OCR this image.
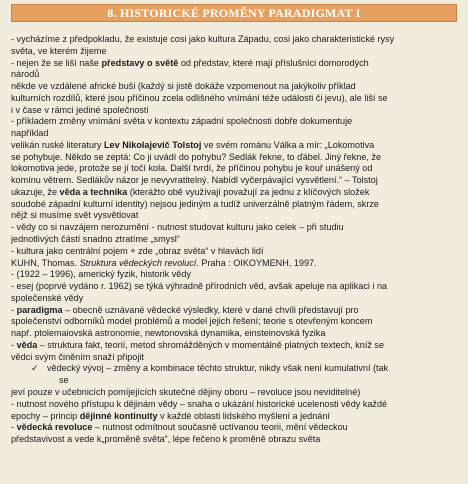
8. HISTORICKÉ PROMĚNY PARADIGMAT I
- vycházíme z předpokladu, že existuje cosi jako kultura Západu, cosi jako charakteristické rysy
světa, ve kterém žijeme
- nejen že se liší naše představy o světě od představ, které mají příslušníci domorodých
národů
někde ve vzdálené africké buši (každý si jistě dokáže vzpomenout na jakýkoliv příklad
kulturních rozdílů, které jsou příčinou zcela odlišného vnímání téže události či jevu), ale liší se
i v čase v rámci jediné společnosti
- příkladem změny vnímání světa v kontextu západní společnosti dobře dokumentuje
například
velikán ruské literatury Lev Nikolajevič Tolstoj ve svém románu Válka a mír: „Lokomotiva
se pohybuje. Někdo se zeptá: Co ji uvádí do pohybu? Sedlák řekne, to ďábel. Jiný řekne, že
lokomotiva jede, protože se jí točí kola. Další tvrdí, že příčinou pohybu je kouř unášený od
komínu větrem. Sedlákův názor je nevyvratitelný. Nabídl vyčerpávající vysvětlení.“ – Tolstoj
ukazuje, že věda a technika (kterážto obě využívají považují za jednu z klíčových složek
soudobé západní kulturní identity) nejsou jediným a tudíž univerzálně platným řádem, skrze
nějž si musíme svět vysvětlovat
- vědy co si navzájem nerozumění - nutnost studovat kulturu jako celek – při studiu
jednotlivých částí snadno ztratíme „smysl“
- kultura jako centrální pojem + zde „obraz světa“ v hlavách lidí
KUHN, Thomas. Struktura vědeckých revolucí. Praha : OIKOYMENH, 1997.
- (1922 – 1996), americký fyzik, historik vědy
- esej (poprvé vydáno r. 1962) se týká výhradně přírodních věd, avšak apeluje na aplikaci i na
společenské vědy
- paradigma – obecně uznávané vědecké výsledky, které v dané chvíli představují pro
společenství odborníků model problémů a model jejich řešení; teorie s otevřeným koncem
např. ptolemaiovská astronomie, newtonovská dynamika, einsteinovská fyzika
- věda – struktura fakt, teorií, metod shromážděných v momentálně platných textech, kníž se
vědci svým činěním snaží připojit
✓ vědecký vývoj – změny a kombinace těchto struktur, nikdy však není kumulativní (tak
se
jeví pouze v učebnicích pomíjejících skutečné dějiny oboru – revoluce jsou neviditelné)
- nutnost nového přístupu k dějinám vědy – snaha o ukázání historické ucelenosti vědy každé
epochy – princip dějinné kontinuity v každé oblasti lidského myšlení a jednání
- vědecká revoluce – nutnost odmítnout současně uctívanou teorii, mění vědeckou
představivost a vede k„proměně světa“, lépe řečeno k proměně obrazu světa
